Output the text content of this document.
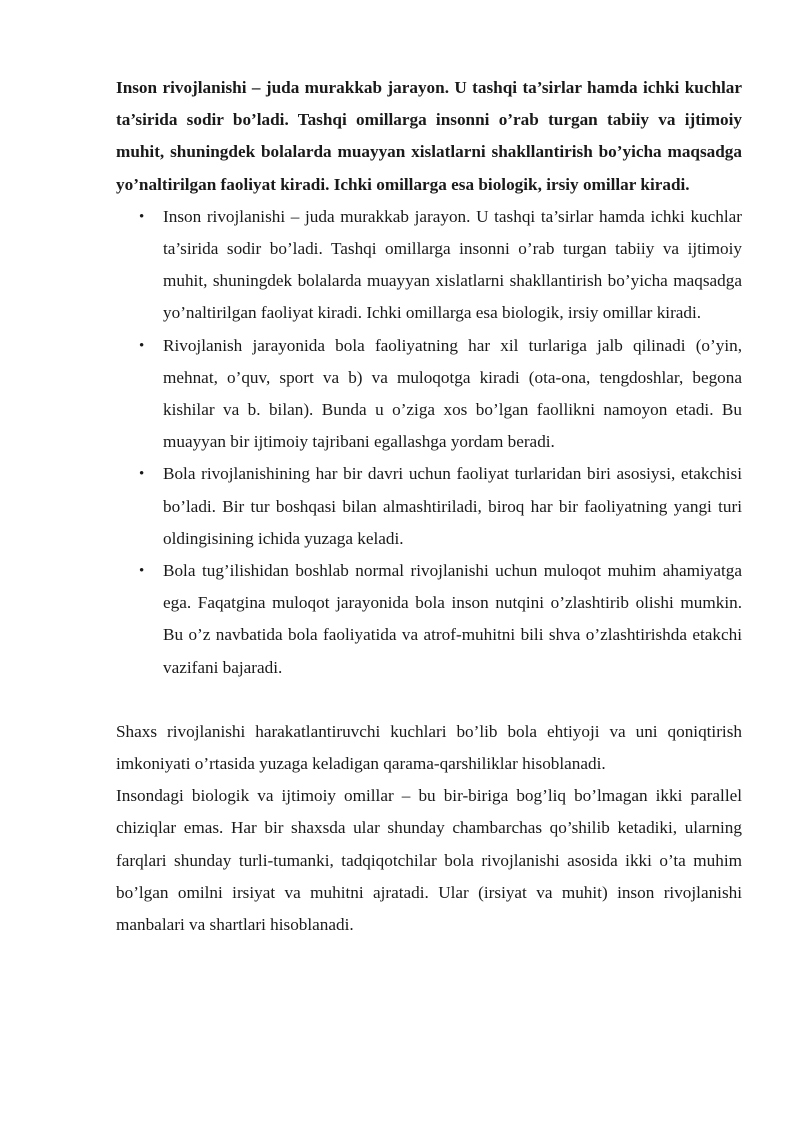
Inson rivojlanishi – juda murakkab jarayon. U tashqi ta’sirlar hamda ichki kuchlar ta’sirida sodir bo’ladi. Tashqi omillarga insonni o’rab turgan tabiiy va ijtimoiy muhit, shuningdek bolalarda muayyan xislatlarni shakllantirish bo’yicha maqsadga yo’naltirilgan faoliyat kiradi. Ichki omillarga esa biologik, irsiy omillar kiradi.

• Inson rivojlanishi – juda murakkab jarayon. U tashqi ta’sirlar hamda ichki kuchlar ta’sirida sodir bo’ladi. Tashqi omillarga insonni o’rab turgan tabiiy va ijtimoiy muhit, shuningdek bolalarda muayyan xislatlarni shakllantirish bo’yicha maqsadga yo’naltirilgan faoliyat kiradi. Ichki omillarga esa biologik, irsiy omillar kiradi.
• Rivojlanish jarayonida bola faoliyatning har xil turlariga jalb qilinadi (o’yin, mehnat, o’quv, sport va b) va muloqotga kiradi (ota-ona, tengdoshlar, begona kishilar va b. bilan). Bunda u o’ziga xos bo’lgan faollikni namoyon etadi. Bu muayyan bir ijtimoiy tajribani egallashga yordam beradi.
• Bola rivojlanishining har bir davri uchun faoliyat turlaridan biri asosiysi, etakchisi bo’ladi. Bir tur boshqasi bilan almashtiriladi, biroq har bir faoliyatning yangi turi oldingisining ichida yuzaga keladi.
• Bola tug’ilishidan boshlab normal rivojlanishi uchun muloqot muhim ahamiyatga ega. Faqatgina muloqot jarayonida bola inson nutqini o’zlashtirib olishi mumkin. Bu o’z navbatida bola faoliyatida va atrof-muhitni bili shva o’zlashtirishda etakchi vazifani bajaradi.

Shaxs rivojlanishi harakatlantiruvchi kuchlari bo’lib bola ehtiyoji va uni qoniqtirish imkoniyati o’rtasida yuzaga keladigan qarama-qarshiliklar hisoblanadi.

Insondagi biologik va ijtimoiy omillar – bu bir-biriga bog’liq bo’lmagan ikki parallel chiziqlar emas. Har bir shaxsda ular shunday chambarchas qo’shilib ketadiki, ularning farqlari shunday turli-tumanki, tadqiqotchilar bola rivojlanishi asosida ikki o’ta muhim bo’lgan omilni irsiyat va muhitni ajratadi. Ular (irsiyat va muhit) inson rivojlanishi manbalari va shartlari hisoblanadi.
